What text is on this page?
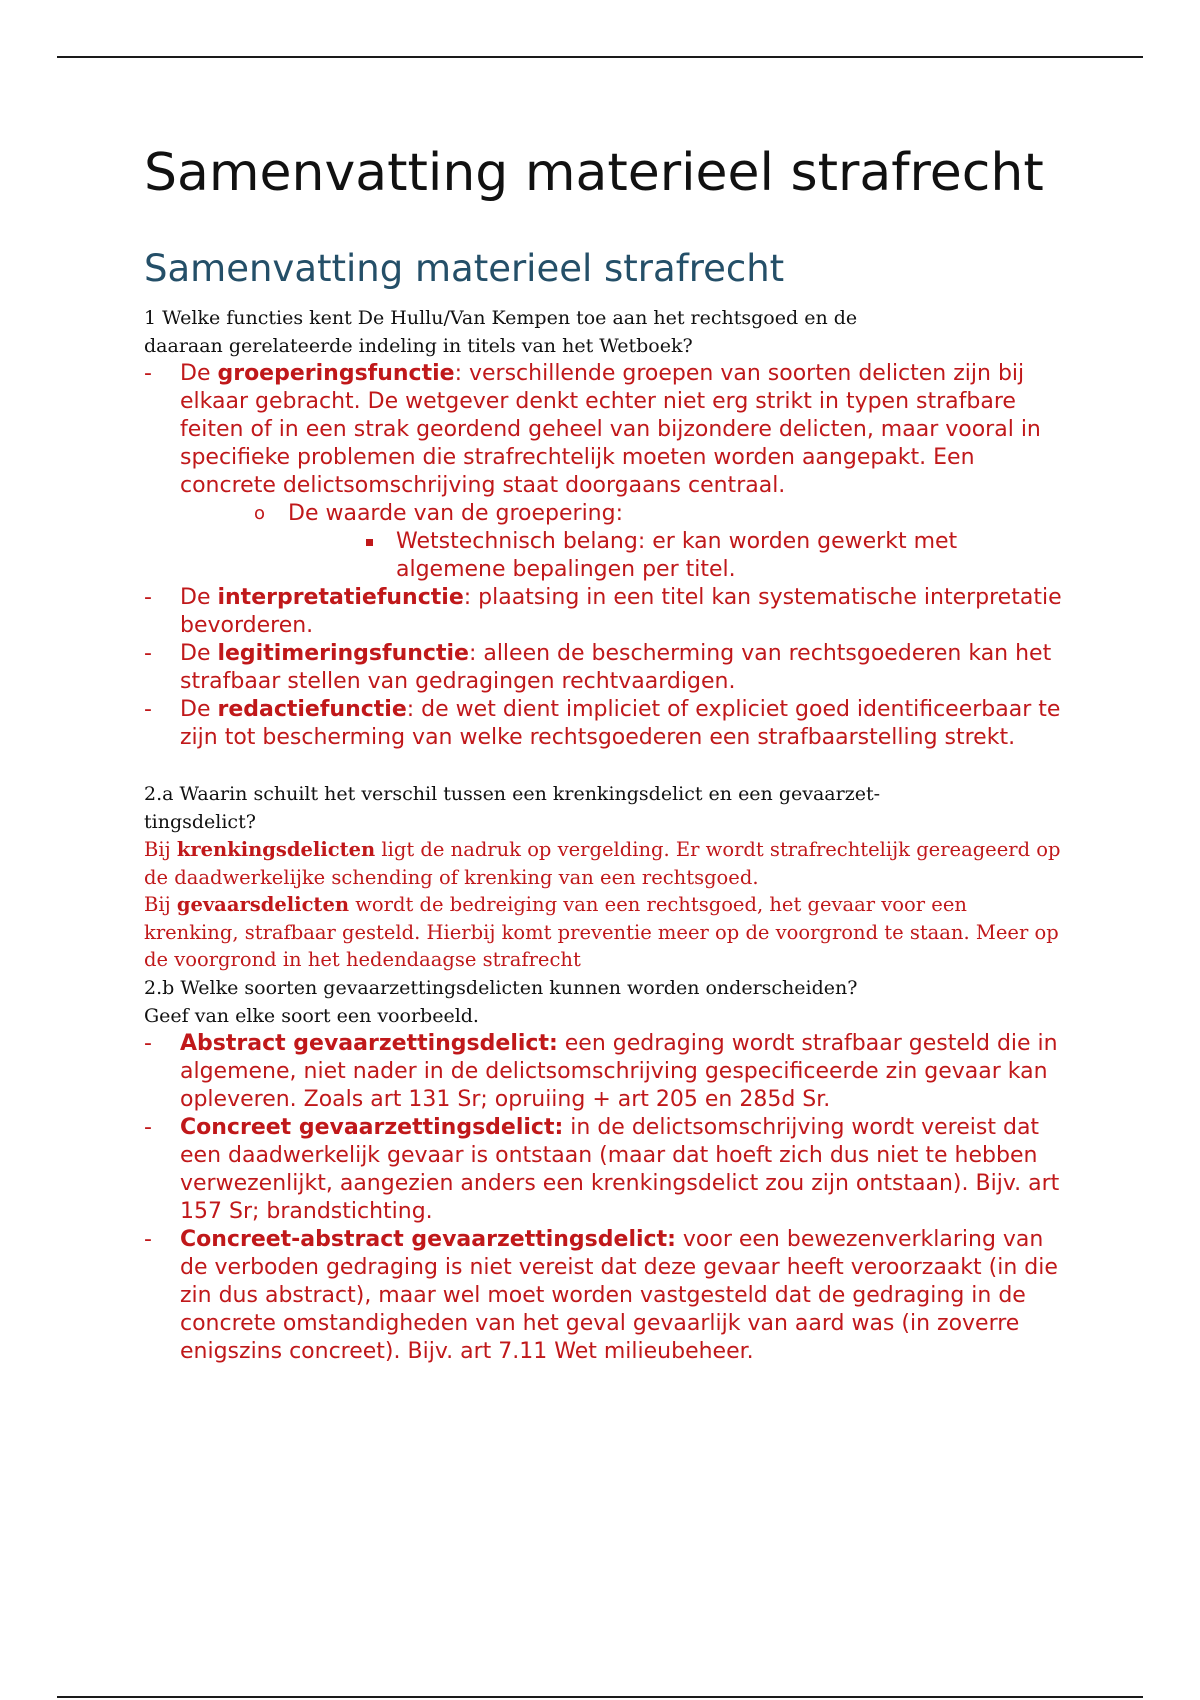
Samenvatting materieel strafrecht
Samenvatting materieel strafrecht

1 Welke functies kent De Hullu/Van Kempen toe aan het rechtsgoed en de daaraan gerelateerde indeling in titels van het Wetboek?

- De groeperingsfunctie: verschillende groepen van soorten delicten zijn bij elkaar gebracht. De wetgever denkt echter niet erg strikt in typen strafbare feiten of in een strak geordend geheel van bijzondere delicten, maar vooral in specifieke problemen die strafrechtelijk moeten worden aangepakt. Een concrete delictsomschrijving staat doorgaans centraal.
o De waarde van de groepering:
Wetstechnisch belang: er kan worden gewerkt met algemene bepalingen per titel.
- De interpretatiefunctie: plaatsing in een titel kan systematische interpretatie bevorderen.
- De legitimeringsfunctie: alleen de bescherming van rechtsgoederen kan het strafbaar stellen van gedragingen rechtvaardigen.
- De redactiefunctie: de wet dient impliciet of expliciet goed identificeerbaar te zijn tot bescherming van welke rechtsgoederen een strafbaarstelling strekt.

2.a Waarin schuilt het verschil tussen een krenkingsdelict en een gevaarzet-tingsdelict?

Bij krenkingsdelicten ligt de nadruk op vergelding. Er wordt strafrechtelijk gereageerd op de daadwerkelijke schending of krenking van een rechtsgoed.

Bij gevaarsdelicten wordt de bedreiging van een rechtsgoed, het gevaar voor een krenking, strafbaar gesteld. Hierbij komt preventie meer op de voorgrond te staan. Meer op de voorgrond in het hedendaagse strafrecht

2.b Welke soorten gevaarzettingsdelicten kunnen worden onderscheiden? Geef van elke soort een voorbeeld.

- Abstract gevaarzettingsdelict: een gedraging wordt strafbaar gesteld die in algemene, niet nader in de delictsomschrijving gespecificeerde zin gevaar kan opleveren. Zoals art 131 Sr; opruiing + art 205 en 285d Sr.
- Concreet gevaarzettingsdelict: in de delictsomschrijving wordt vereist dat een daadwerkelijk gevaar is ontstaan (maar dat hoeft zich dus niet te hebben verwezenlijkt, aangezien anders een krenkingsdelict zou zijn ontstaan). Bijv. art 157 Sr; brandstichting.
- Concreet-abstract gevaarzettingsdelict: voor een bewezenverklaring van de verboden gedraging is niet vereist dat deze gevaar heeft veroorzaakt (in die zin dus abstract), maar wel moet worden vastgesteld dat de gedraging in de concrete omstandigheden van het geval gevaarlijk van aard was (in zoverre enigszins concreet). Bijv. art 7.11 Wet milieubeheer.
